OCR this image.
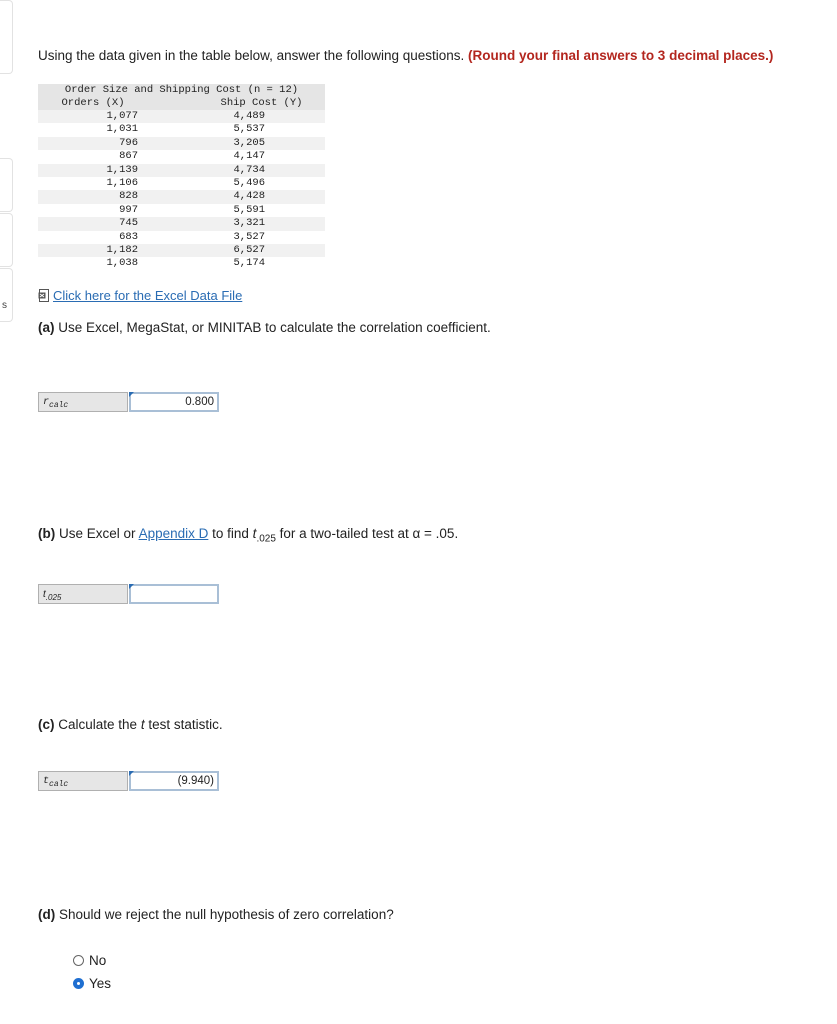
s
Using the data given in the table below, answer the following questions. (Round your final answers to 3 decimal places.)
Order Size and Shipping Cost (n = 12)	
Orders (X)	Ship Cost (Y)
1,077	4,489
1,031	5,537
796	3,205
867	4,147
1,139	4,734
1,106	5,496
828	4,428
997	5,591
745	3,321
683	3,527
1,182	6,527
1,038	5,174
Click here for the Excel Data File
(a) Use Excel, MegaStat, or MINITAB to calculate the correlation coefficient.
$r_{calc}$	0.800
(b) Use Excel or Appendix D to find $t_{.025}$ for a two-tailed test at α = .05.
$t_{.025}$
(c) Calculate the t test statistic.
$t_{calc}$	(9.940)
(d) Should we reject the null hypothesis of zero correlation?
No
Yes
